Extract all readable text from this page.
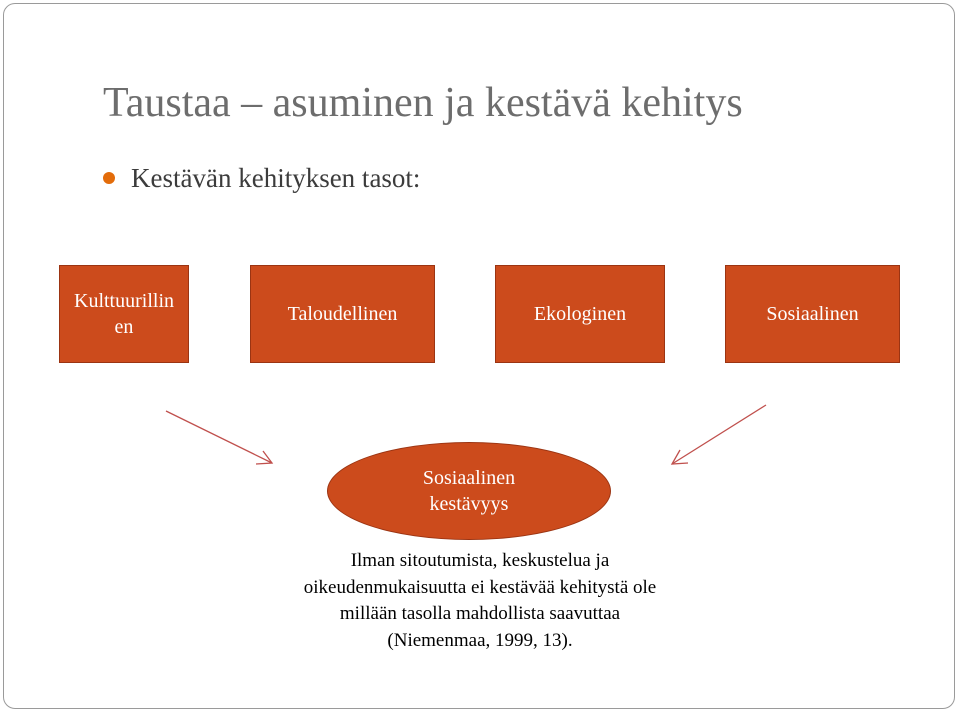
Taustaa – asuminen ja kestävä kehitys
Kestävän kehityksen tasot:
Kulttuurillinen
Taloudellinen	Ekologinen	Sosiaalinen
Sosiaalinen
kestävyys
Ilman sitoutumista, keskustelua ja
oikeudenmukaisuutta ei kestävää kehitystä ole
millään tasolla mahdollista saavuttaa
(Niemenmaa, 1999, 13).
